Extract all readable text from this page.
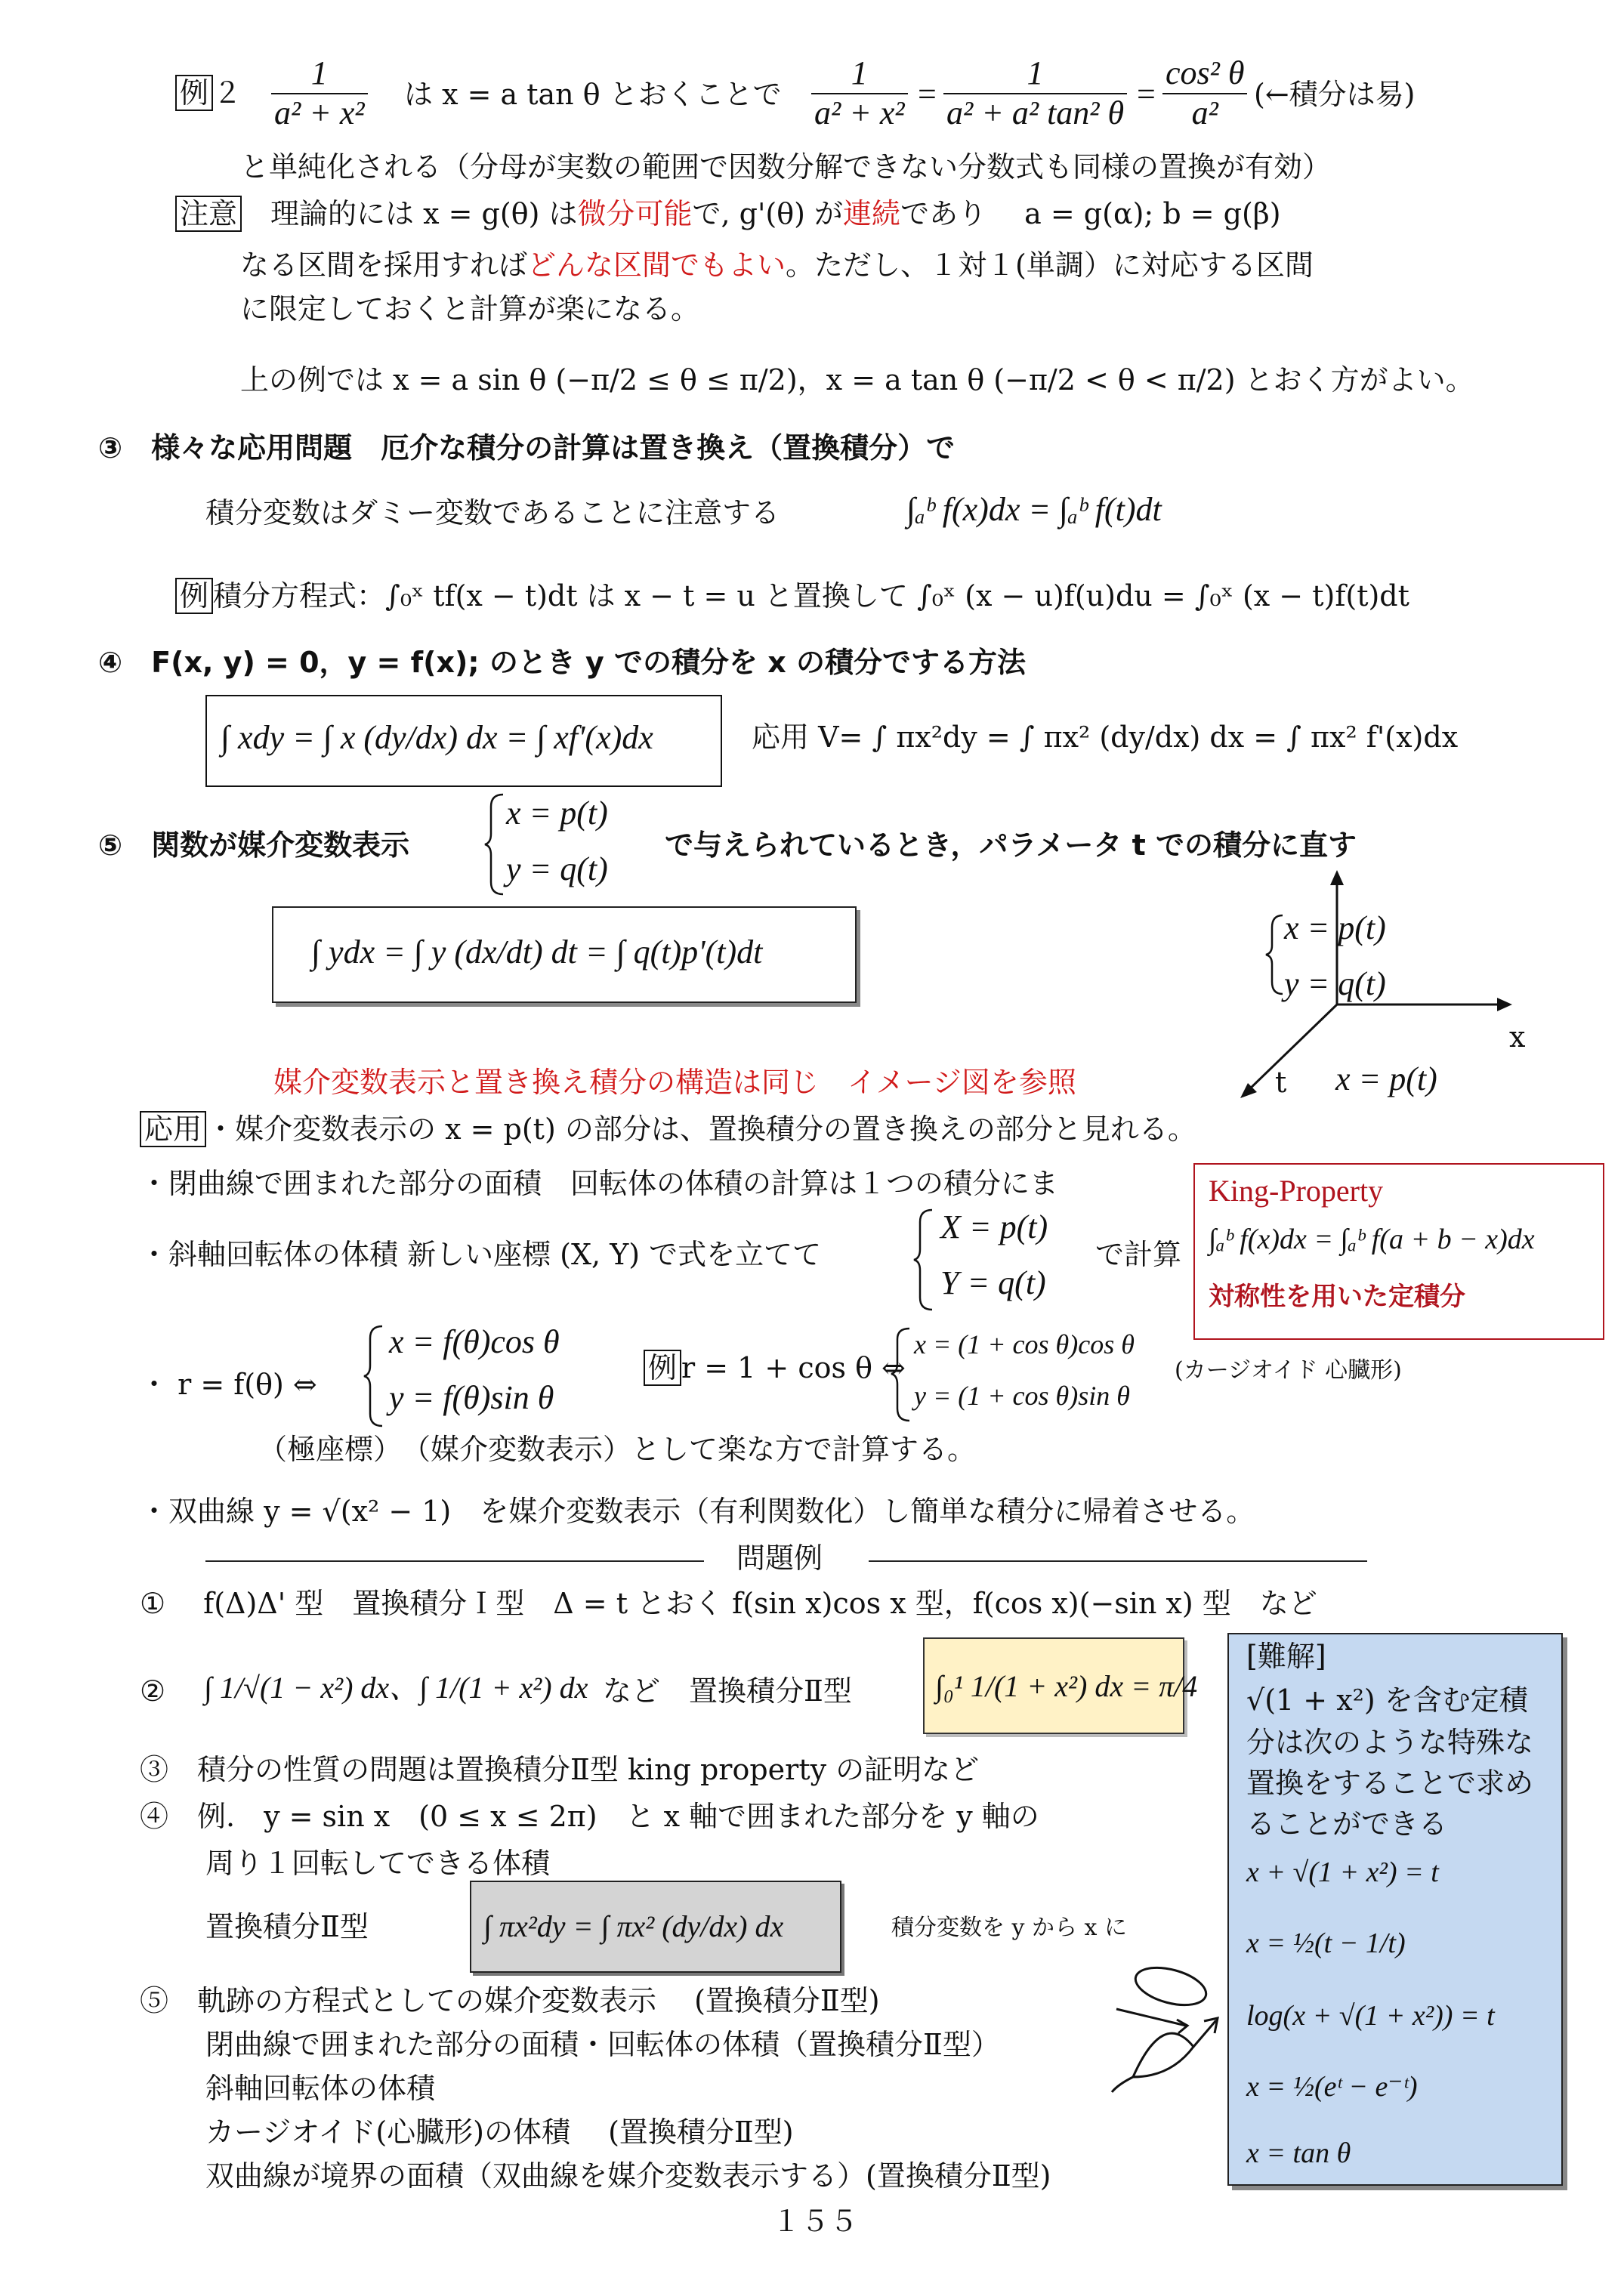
例 $2 \frac{1}{\text{a² + x²}}$ は x = a tan θ とおくことで $\frac{1}{\text{a² + x²}} = \frac{1}{\text{a² + a² tan² θ}} = \frac{\text{cos² θ}}{\text{a²}}$ (←積分は易)
と単純化される（分母が実数の範囲で因数分解できない分数式も同様の置換が有効）
注意　 理論的には x = g(θ) は微分可能で, g'(θ) が連続であり　 a = g(α); b = g(β)
なる区間を採用すればどんな区間でもよい。ただし、１対１(単調）に対応する区間
に限定しておくと計算が楽になる。
上の例では x = a sin θ (−π/2 ≤ θ ≤ π/2)，x = a tan θ (−π/2 < θ < π/2) とおく方がよい。
③　様々な応用問題　厄介な積分の計算は置き換え（置換積分）で
積分変数はダミー変数であることに注意する	∫ₐᵇ f(x)dx = ∫ₐᵇ f(t)dt
例 積分方程式：∫₀ˣ tf(x − t)dt は x − t = u と置換して ∫₀ˣ (x − u)f(u)du = ∫₀ˣ (x − t)f(t)dt
④　F(x, y) = 0，y = f(x); のとき y での積分を x の積分でする方法
∫ xdy = ∫ x (dy/dx) dx = ∫ xf'(x)dx	応用 V= ∫ πx²dy = ∫ πx² (dy/dx) dx = ∫ πx² f'(x)dx
⑤　関数が媒介変数表示
x = p(t)
y = q(t)
で与えられているとき，パラメータ t での積分に直す
∫ ydx = ∫ y (dx/dt) dt = ∫ q(t)p'(t)dt
x = p(t)
y = q(t)
x
t x = p(t)
媒介変数表示と置き換え積分の構造は同じ　イメージ図を参照
応用 ・媒介変数表示の x = p(t) の部分は、置換積分の置き換えの部分と見れる。
・閉曲線で囲まれた部分の面積　回転体の体積の計算は１つの積分にま
・斜軸回転体の体積 新しい座標 (X, Y) で式を立てて
X = p(t)
Y = q(t)
で計算
King-Property
∫ₐᵇ f(x)dx = ∫ₐᵇ f(a + b − x)dx
対称性を用いた定積分
・ r = f(θ) ⇔
x = f(θ)cos θ
y = f(θ)sin θ
例 r = 1 + cos θ ⇔
x = (1 + cos θ)cos θ
y = (1 + cos θ)sin θ
(カージオイド 心臓形)
（極座標）　（媒介変数表示）として楽な方で計算する。
・双曲線 y = √(x² − 1)　を媒介変数表示（有利関数化）し簡単な積分に帰着させる。
問題例
①　 f(Δ)Δ' 型　置換積分Ｉ型　Δ = t とおく f(sin x)cos x 型，f(cos x)(−sin x) 型　など
② ∫ 1/√(1 − x²) dx、∫ 1/(1 + x²) dx など　置換積分Ⅱ型	∫₀¹ 1/(1 + x²) dx = π/4
[難解]
√(1 + x²) を含む定積
分は次のような特殊な
置換をすることで求め
ることができる
x + √(1 + x²) = t
x = ½(t − 1/t)
log(x + √(1 + x²)) = t
x = ½(eᵗ − e⁻ᵗ)
x = tan θ
③　積分の性質の問題は置換積分Ⅱ型 king property の証明など
④　例.　y = sin x　(0 ≤ x ≤ 2π)　と x 軸で囲まれた部分を y 軸の
周り１回転してできる体積
置換積分Ⅱ型	∫ πx²dy = ∫ πx² (dy/dx) dx	積分変数を y から x に
⑤　軌跡の方程式としての媒介変数表示　 (置換積分Ⅱ型)
閉曲線で囲まれた部分の面積・回転体の体積（置換積分Ⅱ型）
斜軸回転体の体積
カージオイド(心臓形)の体積　 (置換積分Ⅱ型)
双曲線が境界の面積（双曲線を媒介変数表示する）(置換積分Ⅱ型)
１５５
